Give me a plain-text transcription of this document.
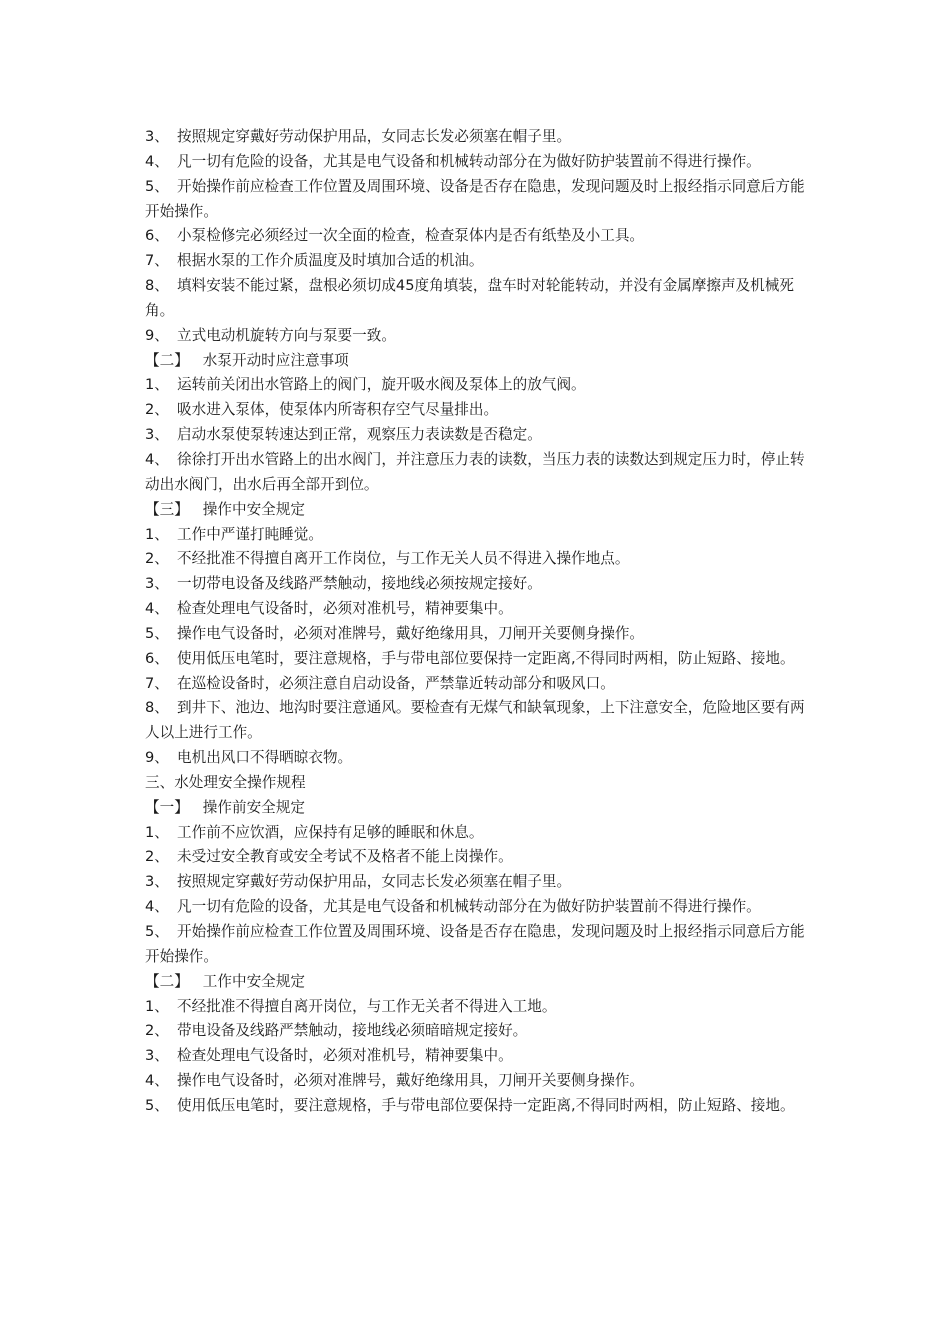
3、 按照规定穿戴好劳动保护用品，女同志长发必须塞在帽子里。

4、 凡一切有危险的设备，尤其是电气设备和机械转动部分在为做好防护装置前不得进行操作。

5、 开始操作前应检查工作位置及周围环境、设备是否存在隐患，发现问题及时上报经指示同意后方能开始操作。

6、 小泵检修完必须经过一次全面的检查，检查泵体内是否有纸垫及小工具。

7、 根据水泵的工作介质温度及时填加合适的机油。

8、 填料安装不能过紧，盘根必须切成45度角填装，盘车时对轮能转动，并没有金属摩擦声及机械死角。

9、 立式电动机旋转方向与泵要一致。

【二】 水泵开动时应注意事项

1、 运转前关闭出水管路上的阀门，旋开吸水阀及泵体上的放气阀。

2、 吸水进入泵体，使泵体内所寄积存空气尽量排出。

3、 启动水泵使泵转速达到正常，观察压力表读数是否稳定。

4、 徐徐打开出水管路上的出水阀门，并注意压力表的读数，当压力表的读数达到规定压力时，停止转动出水阀门，出水后再全部开到位。

【三】 操作中安全规定

1、 工作中严谨打盹睡觉。

2、 不经批准不得擅自离开工作岗位，与工作无关人员不得进入操作地点。

3、 一切带电设备及线路严禁触动，接地线必须按规定接好。

4、 检查处理电气设备时，必须对准机号，精神要集中。

5、 操作电气设备时，必须对准牌号，戴好绝缘用具，刀闸开关要侧身操作。

6、 使用低压电笔时，要注意规格，手与带电部位要保持一定距离,不得同时两相，防止短路、接地。

7、 在巡检设备时，必须注意自启动设备，严禁靠近转动部分和吸风口。

8、 到井下、池边、地沟时要注意通风。要检查有无煤气和缺氧现象，上下注意安全，危险地区要有两人以上进行工作。

9、 电机出风口不得晒晾衣物。

三、水处理安全操作规程

【一】 操作前安全规定

1、 工作前不应饮酒，应保持有足够的睡眠和休息。

2、 未受过安全教育或安全考试不及格者不能上岗操作。

3、 按照规定穿戴好劳动保护用品，女同志长发必须塞在帽子里。

4、 凡一切有危险的设备，尤其是电气设备和机械转动部分在为做好防护装置前不得进行操作。

5、 开始操作前应检查工作位置及周围环境、设备是否存在隐患，发现问题及时上报经指示同意后方能开始操作。

【二】 工作中安全规定

1、 不经批准不得擅自离开岗位，与工作无关者不得进入工地。

2、 带电设备及线路严禁触动，接地线必须暗暗规定接好。

3、 检查处理电气设备时，必须对准机号，精神要集中。

4、 操作电气设备时，必须对准牌号，戴好绝缘用具，刀闸开关要侧身操作。

5、 使用低压电笔时，要注意规格，手与带电部位要保持一定距离,不得同时两相，防止短路、接地。
